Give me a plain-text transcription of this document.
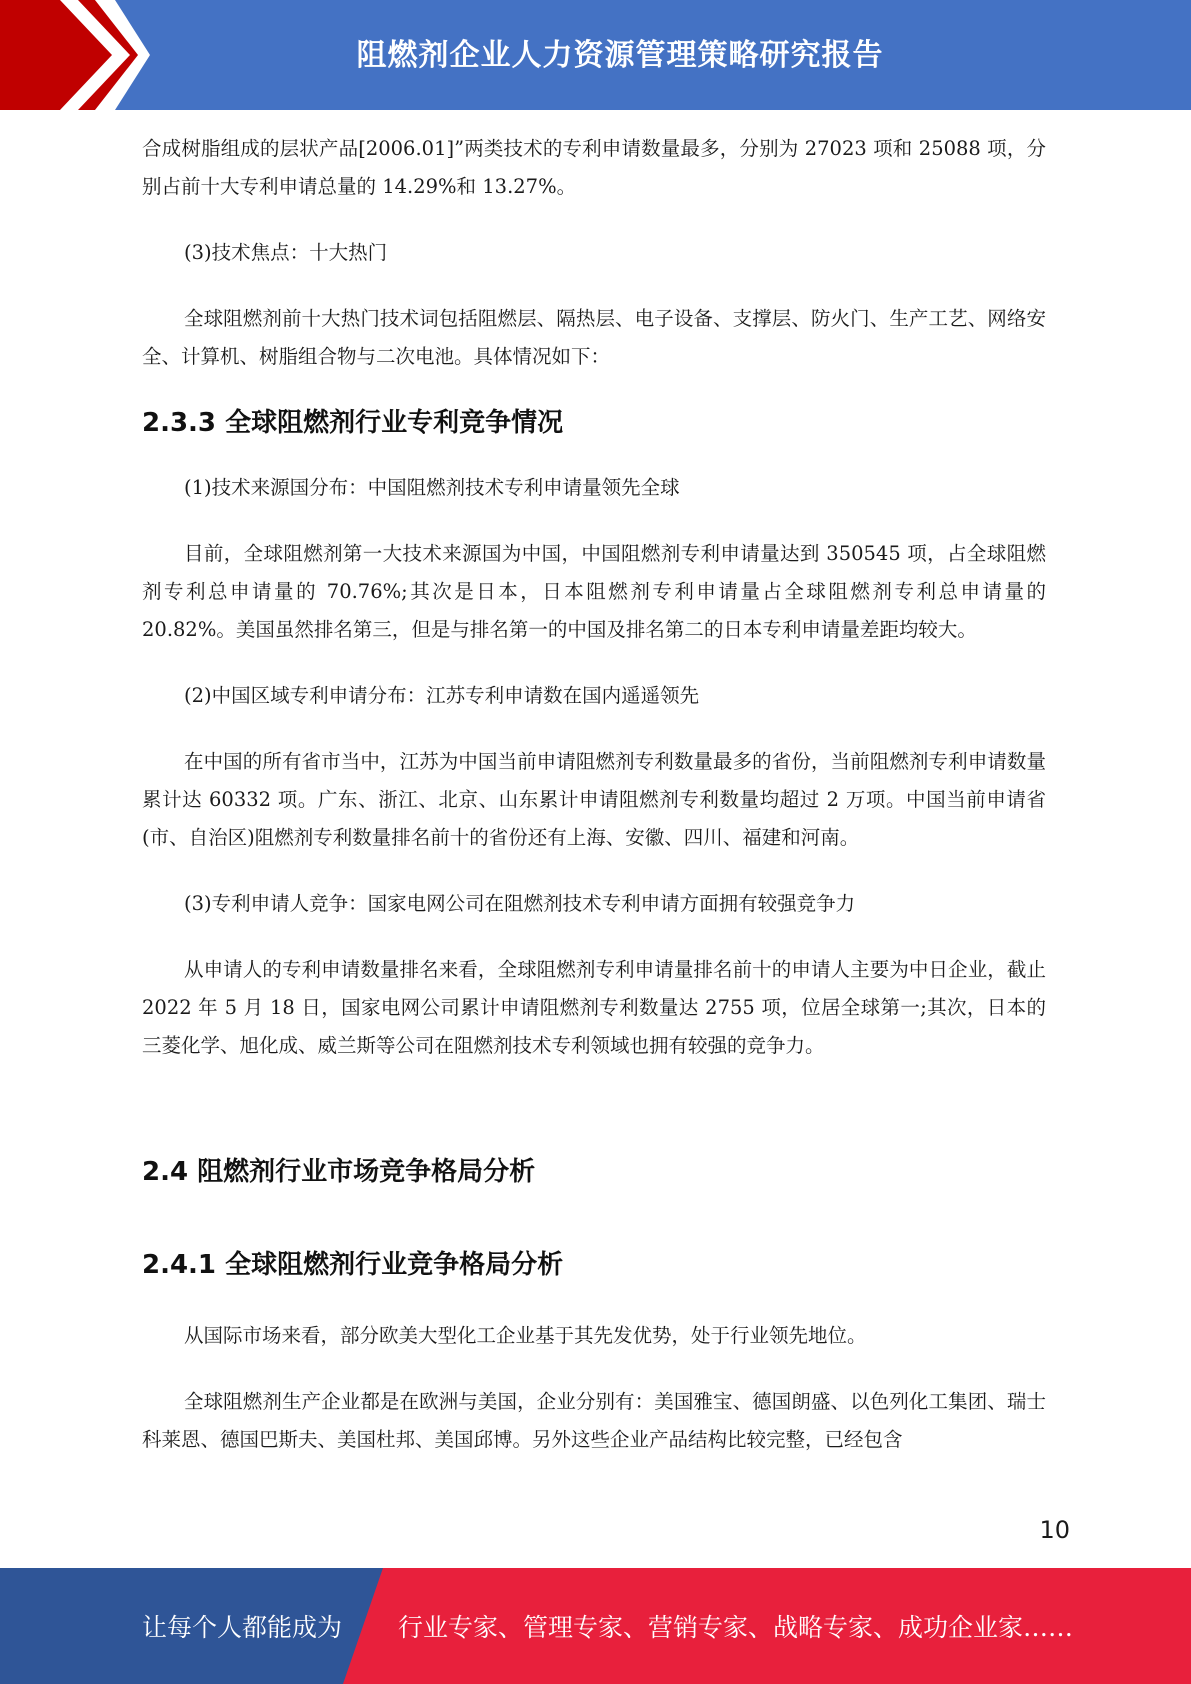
阻燃剂企业人力资源管理策略研究报告

合成树脂组成的层状产品[2006.01]”两类技术的专利申请数量最多，分别为 27023 项和 25088 项，分别占前十大专利申请总量的 14.29%和 13.27%。

(3)技术焦点：十大热门

全球阻燃剂前十大热门技术词包括阻燃层、隔热层、电子设备、支撑层、防火门、生产工艺、网络安全、计算机、树脂组合物与二次电池。具体情况如下：

2.3.3 全球阻燃剂行业专利竞争情况

(1)技术来源国分布：中国阻燃剂技术专利申请量领先全球

目前，全球阻燃剂第一大技术来源国为中国，中国阻燃剂专利申请量达到 350545 项，占全球阻燃剂专利总申请量的 70.76%;其次是日本，日本阻燃剂专利申请量占全球阻燃剂专利总申请量的 20.82%。美国虽然排名第三，但是与排名第一的中国及排名第二的日本专利申请量差距均较大。

(2)中国区域专利申请分布：江苏专利申请数在国内遥遥领先

在中国的所有省市当中，江苏为中国当前申请阻燃剂专利数量最多的省份，当前阻燃剂专利申请数量累计达 60332 项。广东、浙江、北京、山东累计申请阻燃剂专利数量均超过 2 万项。中国当前申请省(市、自治区)阻燃剂专利数量排名前十的省份还有上海、安徽、四川、福建和河南。

(3)专利申请人竞争：国家电网公司在阻燃剂技术专利申请方面拥有较强竞争力

从申请人的专利申请数量排名来看，全球阻燃剂专利申请量排名前十的申请人主要为中日企业，截止 2022 年 5 月 18 日，国家电网公司累计申请阻燃剂专利数量达 2755 项，位居全球第一;其次，日本的三菱化学、旭化成、威兰斯等公司在阻燃剂技术专利领域也拥有较强的竞争力。

2.4 阻燃剂行业市场竞争格局分析
2.4.1 全球阻燃剂行业竞争格局分析

从国际市场来看，部分欧美大型化工企业基于其先发优势，处于行业领先地位。

全球阻燃剂生产企业都是在欧洲与美国，企业分别有：美国雅宝、德国朗盛、以色列化工集团、瑞士科莱恩、德国巴斯夫、美国杜邦、美国邱博。另外这些企业产品结构比较完整，已经包含

10
让每个人都能成为 行业专家、管理专家、营销专家、战略专家、成功企业家……
